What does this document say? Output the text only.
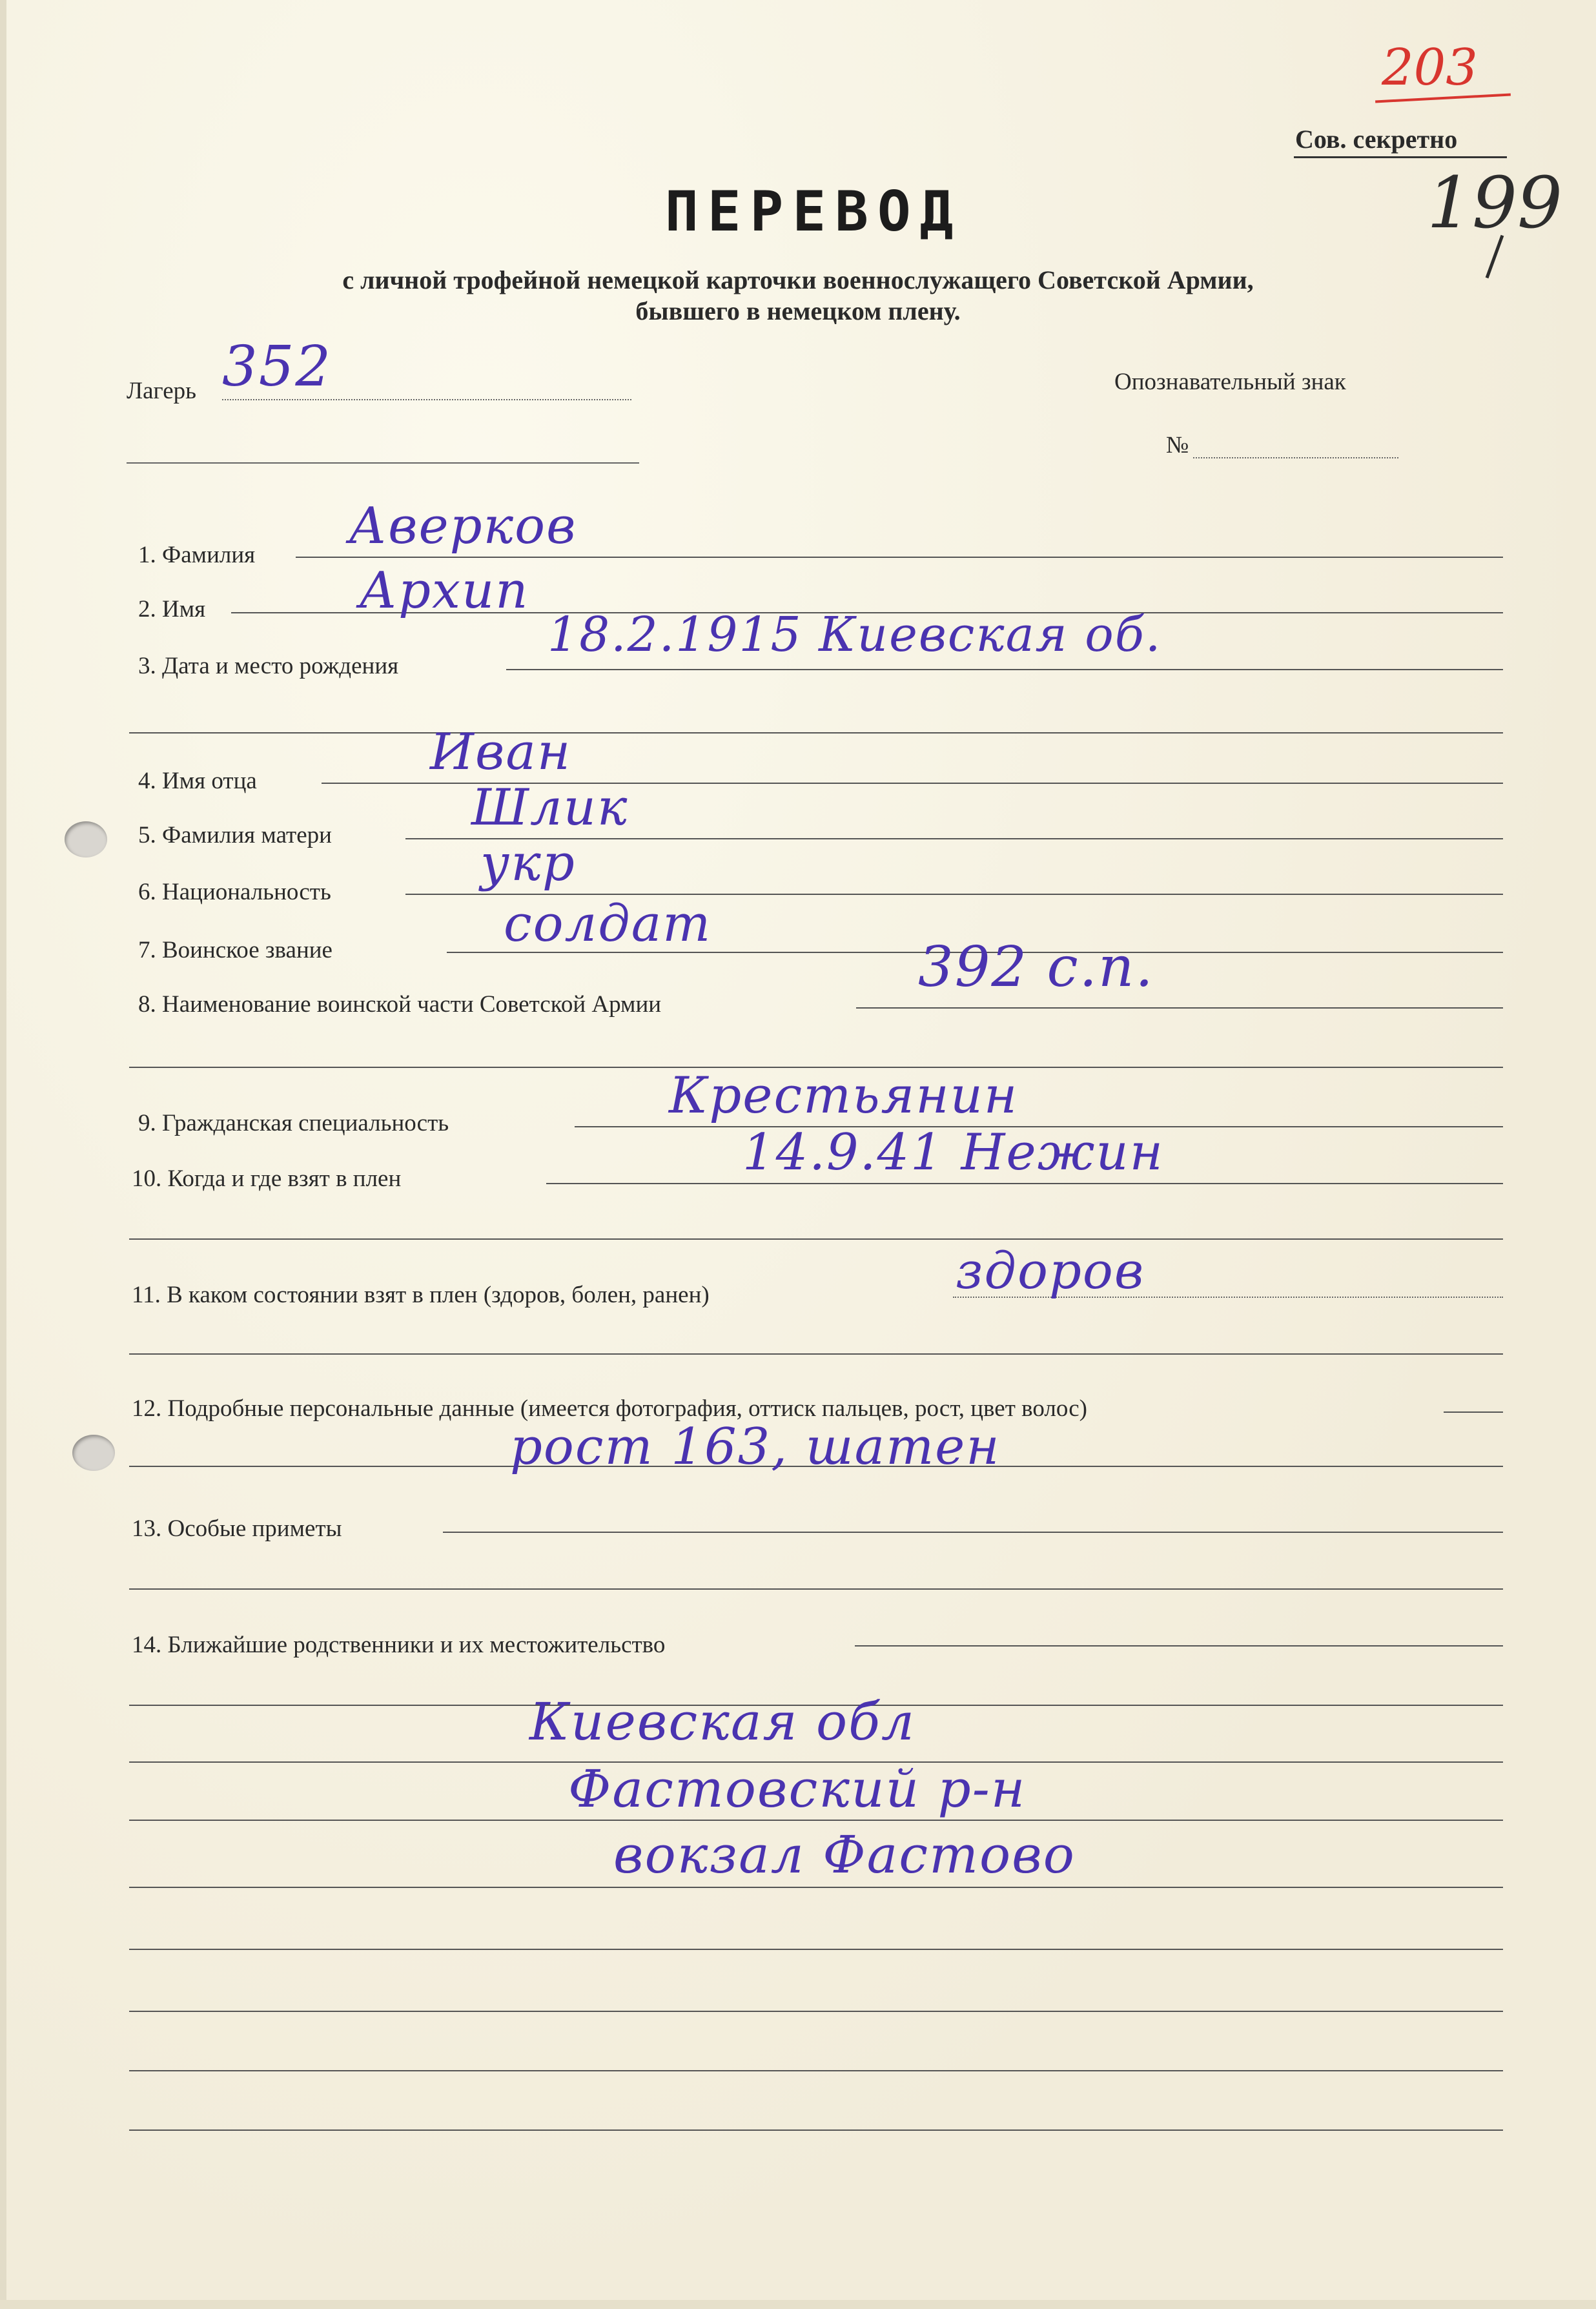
203
Сов. секретно
199
ПЕРЕВОД
с личной трофейной немецкой карточки военнослужащего Советской Армии,
бывшего в немецком плену.
Лагерь 352	Опознавательный знак
№
1. Фамилия Аверков
2. Имя	Архип
3. Дата и место рождения
18.2.1915 Киевская об.
4. Имя отца	Иван
5. Фамилия матери	Шлик
6. Национальность	укр
7. Воинское звание	солдат
8. Наименование воинской части Советской Армии
392 с.п.
9. Гражданская специальность	Крестьянин
10. Когда и где взят в плен	14.9.41 Нежин
11. В каком состоянии взят в плен (здоров, болен, ранен)	здоров
12. Подробные персональные данные (имеется фотография, оттиск пальцев, рост, цвет волос)
рост 163, шатен
13. Особые приметы
14. Ближайшие родственники и их местожительство
Киевская обл
Фастовский р-н
вокзал Фастово
